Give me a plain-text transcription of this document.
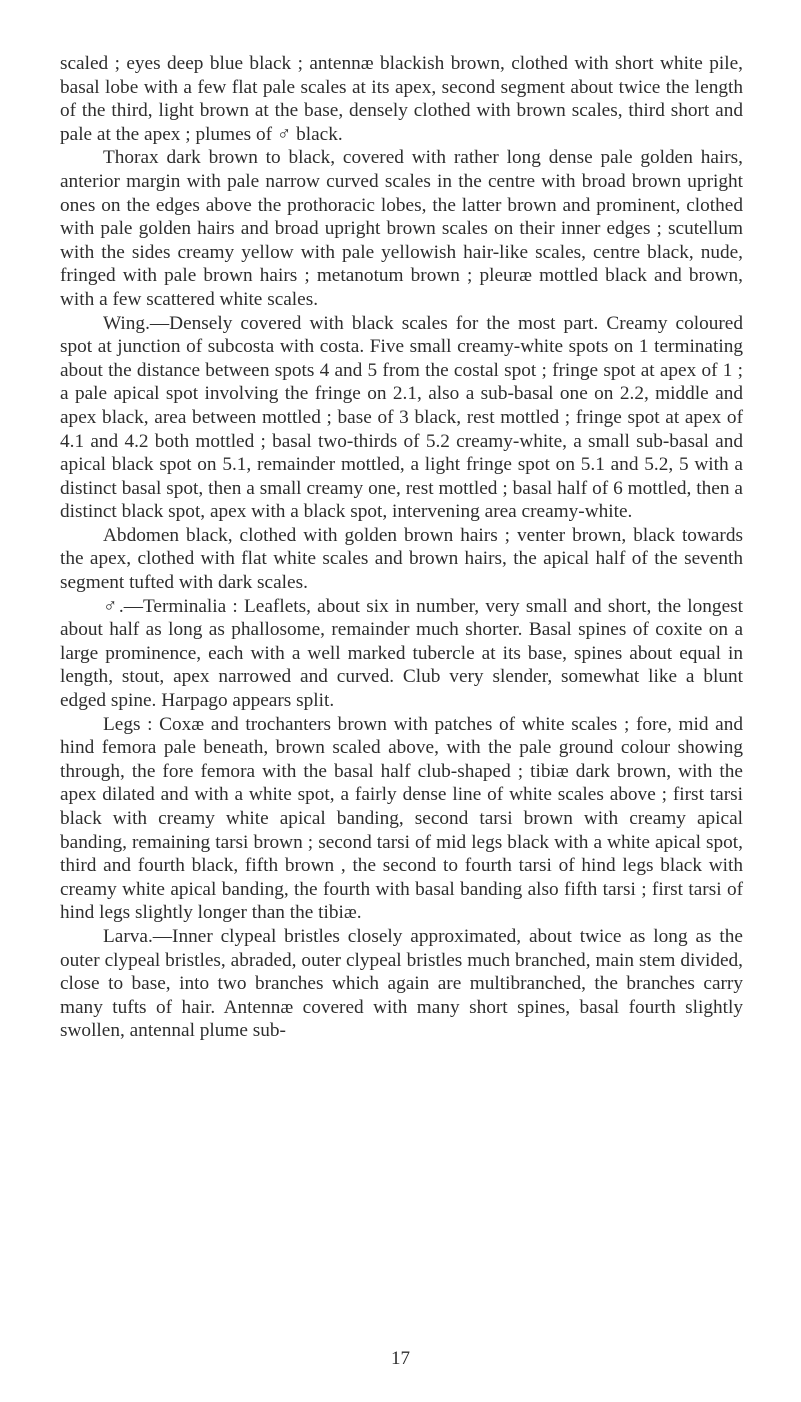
scaled ; eyes deep blue black ; antennæ blackish brown, clothed with short white pile, basal lobe with a few flat pale scales at its apex, second segment about twice the length of the third, light brown at the base, densely clothed with brown scales, third short and pale at the apex ; plumes of ♂ black.

Thorax dark brown to black, covered with rather long dense pale golden hairs, anterior margin with pale narrow curved scales in the centre with broad brown upright ones on the edges above the prothoracic lobes, the latter brown and prominent, clothed with pale golden hairs and broad upright brown scales on their inner edges ; scutellum with the sides creamy yellow with pale yellowish hair-like scales, centre black, nude, fringed with pale brown hairs ; metanotum brown ; pleuræ mottled black and brown, with a few scattered white scales.

Wing.—Densely covered with black scales for the most part. Creamy coloured spot at junction of subcosta with costa. Five small creamy-white spots on 1 terminating about the distance between spots 4 and 5 from the costal spot ; fringe spot at apex of 1 ; a pale apical spot involving the fringe on 2.1, also a sub-basal one on 2.2, middle and apex black, area between mottled ; base of 3 black, rest mottled ; fringe spot at apex of 4.1 and 4.2 both mottled ; basal two-thirds of 5.2 creamy-white, a small sub-basal and apical black spot on 5.1, remainder mottled, a light fringe spot on 5.1 and 5.2, 5 with a distinct basal spot, then a small creamy one, rest mottled ; basal half of 6 mottled, then a distinct black spot, apex with a black spot, intervening area creamy-white.

Abdomen black, clothed with golden brown hairs ; venter brown, black towards the apex, clothed with flat white scales and brown hairs, the apical half of the seventh segment tufted with dark scales.

♂.—Terminalia : Leaflets, about six in number, very small and short, the longest about half as long as phallosome, remainder much shorter. Basal spines of coxite on a large prominence, each with a well marked tubercle at its base, spines about equal in length, stout, apex narrowed and curved. Club very slender, somewhat like a blunt edged spine. Harpago appears split.

Legs : Coxæ and trochanters brown with patches of white scales ; fore, mid and hind femora pale beneath, brown scaled above, with the pale ground colour showing through, the fore femora with the basal half club-shaped ; tibiæ dark brown, with the apex dilated and with a white spot, a fairly dense line of white scales above ; first tarsi black with creamy white apical banding, second tarsi brown with creamy apical banding, remaining tarsi brown ; second tarsi of mid legs black with a white apical spot, third and fourth black, fifth brown , the second to fourth tarsi of hind legs black with creamy white apical banding, the fourth with basal banding also fifth tarsi ; first tarsi of hind legs slightly longer than the tibiæ.

Larva.—Inner clypeal bristles closely approximated, about twice as long as the outer clypeal bristles, abraded, outer clypeal bristles much branched, main stem divided, close to base, into two branches which again are multibranched, the branches carry many tufts of hair. Antennæ covered with many short spines, basal fourth slightly swollen, antennal plume sub-

17
